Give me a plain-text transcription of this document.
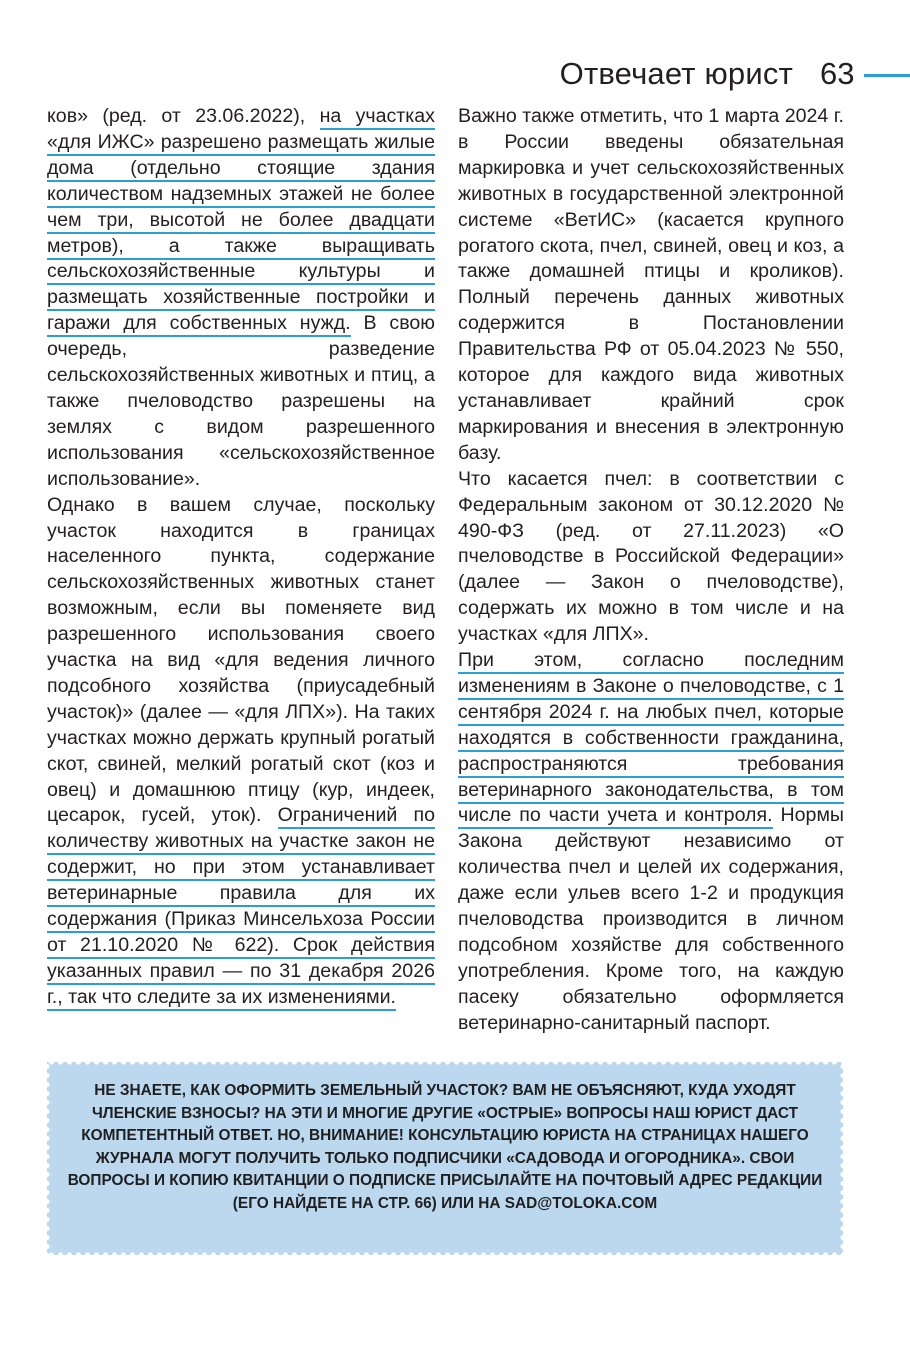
Отвечает юрист 63

ков» (ред. от 23.06.2022), на участках «для ИЖС» разрешено размещать жилые дома (отдельно стоящие здания количеством надземных этажей не более чем три, высотой не более двадцати метров), а также выращивать сельскохозяйственные культуры и размещать хозяйственные постройки и гаражи для собственных нужд. В свою очередь, разведение сельскохозяйственных животных и птиц, а также пчеловодство разрешены на землях с видом разрешенного использования «сельскохозяйственное использование».

Однако в вашем случае, поскольку участок находится в границах населенного пункта, содержание сельскохозяйственных животных станет возможным, если вы поменяете вид разрешенного использования своего участка на вид «для ведения личного подсобного хозяйства (приусадебный участок)» (далее — «для ЛПХ»). На таких участках можно держать крупный рогатый скот, свиней, мелкий рогатый скот (коз и овец) и домашнюю птицу (кур, индеек, цесарок, гусей, уток). Ограничений по количеству животных на участке закон не содержит, но при этом устанавливает ветеринарные правила для их содержания (Приказ Минсельхоза России от 21.10.2020 № 622). Срок действия указанных правил — по 31 декабря 2026 г., так что следите за их изменениями.

Важно также отметить, что 1 марта 2024 г. в России введены обязательная маркировка и учет сельскохозяйственных животных в государственной электронной системе «ВетИС» (касается крупного рогатого скота, пчел, свиней, овец и коз, а также домашней птицы и кроликов). Полный перечень данных животных содержится в Постановлении Правительства РФ от 05.04.2023 № 550, которое для каждого вида животных устанавливает крайний срок маркирования и внесения в электронную базу.

Что касается пчел: в соответствии с Федеральным законом от 30.12.2020 № 490-ФЗ (ред. от 27.11.2023) «О пчеловодстве в Российской Федерации» (далее — Закон о пчеловодстве), содержать их можно в том числе и на участках «для ЛПХ».

При этом, согласно последним изменениям в Законе о пчеловодстве, с 1 сентября 2024 г. на любых пчел, которые находятся в собственности гражданина, распространяются требования ветеринарного законодательства, в том числе по части учета и контроля. Нормы Закона действуют независимо от количества пчел и целей их содержания, даже если ульев всего 1-2 и продукция пчеловодства производится в личном подсобном хозяйстве для собственного употребления. Кроме того, на каждую пасеку обязательно оформляется ветеринарно-санитарный паспорт.

НЕ ЗНАЕТЕ, КАК ОФОРМИТЬ ЗЕМЕЛЬНЫЙ УЧАСТОК? ВАМ НЕ ОБЪЯСНЯЮТ, КУДА УХОДЯТ ЧЛЕНСКИЕ ВЗНОСЫ? НА ЭТИ И МНОГИЕ ДРУГИЕ «ОСТРЫЕ» ВОПРОСЫ НАШ ЮРИСТ ДАСТ КОМПЕТЕНТНЫЙ ОТВЕТ. НО, ВНИМАНИЕ! КОНСУЛЬТАЦИЮ ЮРИСТА НА СТРАНИЦАХ НАШЕГО ЖУРНАЛА МОГУТ ПОЛУЧИТЬ ТОЛЬКО ПОДПИСЧИКИ «САДОВОДА И ОГОРОДНИКА». СВОИ ВОПРОСЫ И КОПИЮ КВИТАНЦИИ О ПОДПИСКЕ ПРИСЫЛАЙТЕ НА ПОЧТОВЫЙ АДРЕС РЕДАКЦИИ (ЕГО НАЙДЕТЕ НА СТР. 66) ИЛИ НА SAD@TOLOKA.COM
